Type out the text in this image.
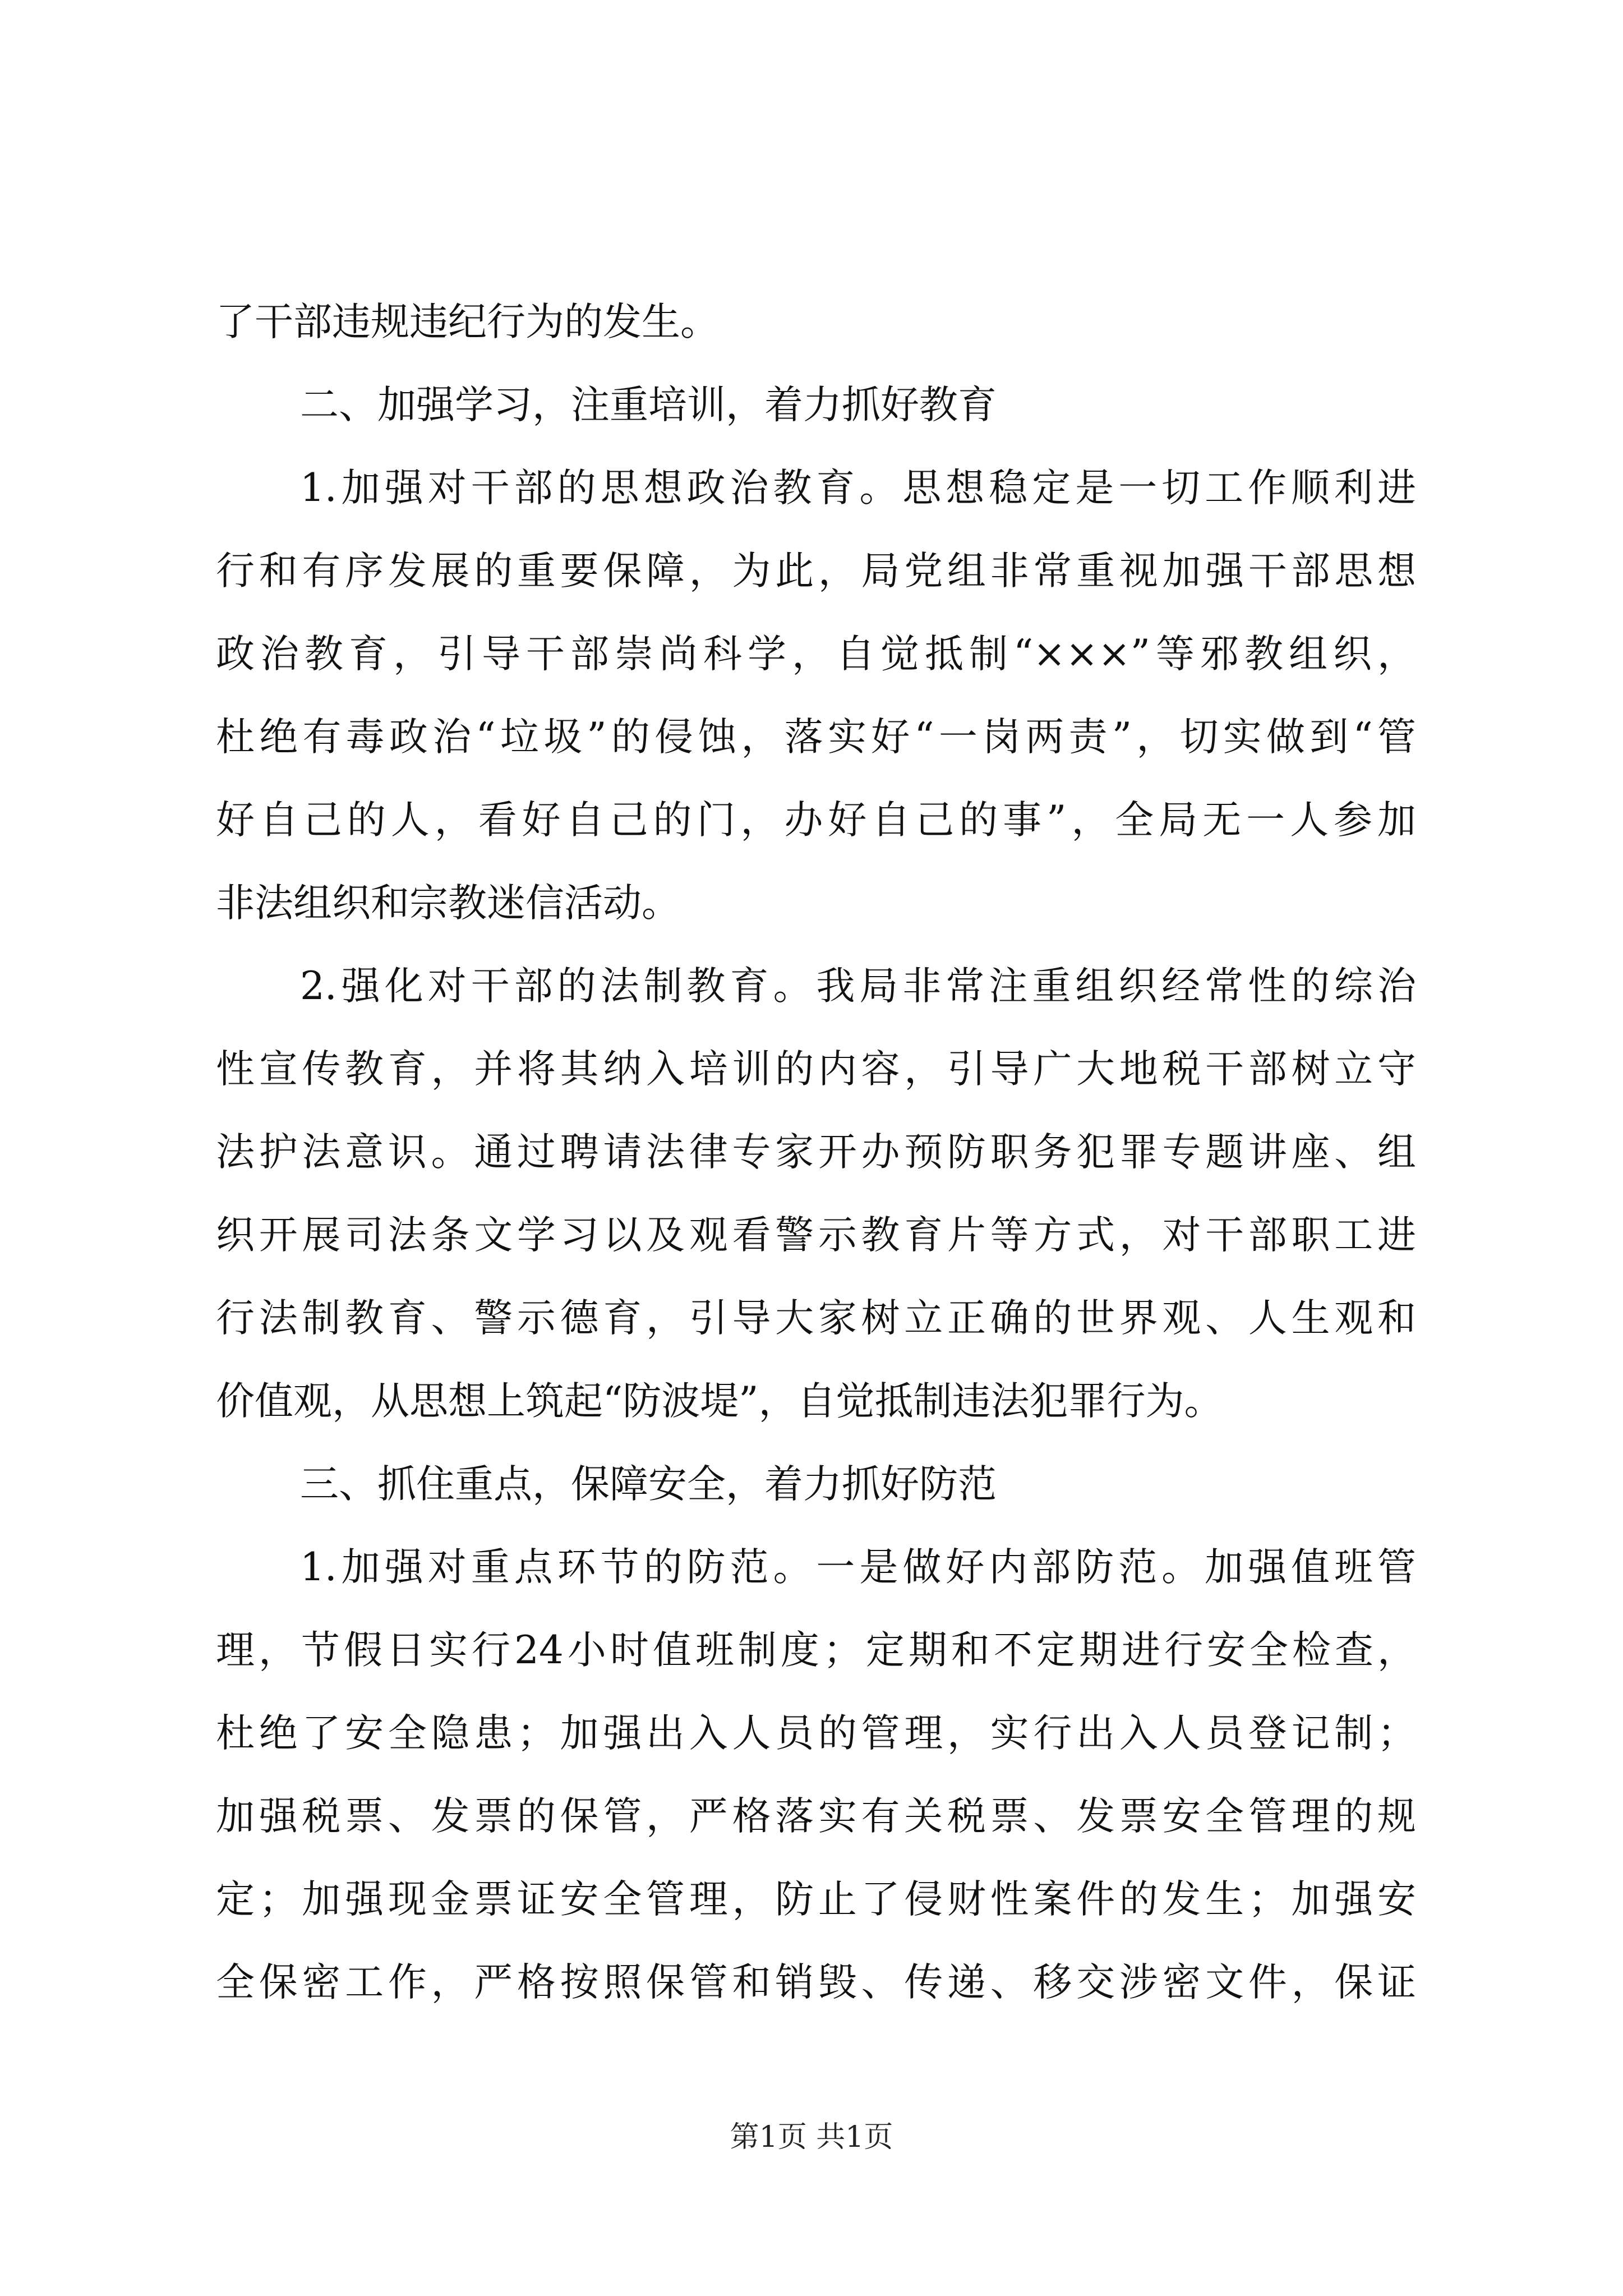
了干部违规违纪行为的发生。
二、加强学习，注重培训，着力抓好教育
1.加强对干部的思想政治教育。思想稳定是一切工作顺利进
行和有序发展的重要保障，为此，局党组非常重视加强干部思想
政治教育，引导干部崇尚科学，自觉抵制“×××”等邪教组织，
杜绝有毒政治“垃圾”的侵蚀，落实好“一岗两责”，切实做到“管
好自己的人，看好自己的门，办好自己的事”，全局无一人参加
非法组织和宗教迷信活动。
2.强化对干部的法制教育。我局非常注重组织经常性的综治
性宣传教育，并将其纳入培训的内容，引导广大地税干部树立守
法护法意识。通过聘请法律专家开办预防职务犯罪专题讲座、组
织开展司法条文学习以及观看警示教育片等方式，对干部职工进
行法制教育、警示德育，引导大家树立正确的世界观、人生观和
价值观，从思想上筑起“防波堤”，自觉抵制违法犯罪行为。
三、抓住重点，保障安全，着力抓好防范
1.加强对重点环节的防范。一是做好内部防范。加强值班管
理，节假日实行24小时值班制度；定期和不定期进行安全检查，
杜绝了安全隐患；加强出入人员的管理，实行出入人员登记制；
加强税票、发票的保管，严格落实有关税票、发票安全管理的规
定；加强现金票证安全管理，防止了侵财性案件的发生；加强安
全保密工作，严格按照保管和销毁、传递、移交涉密文件，保证
第1页 共1页
